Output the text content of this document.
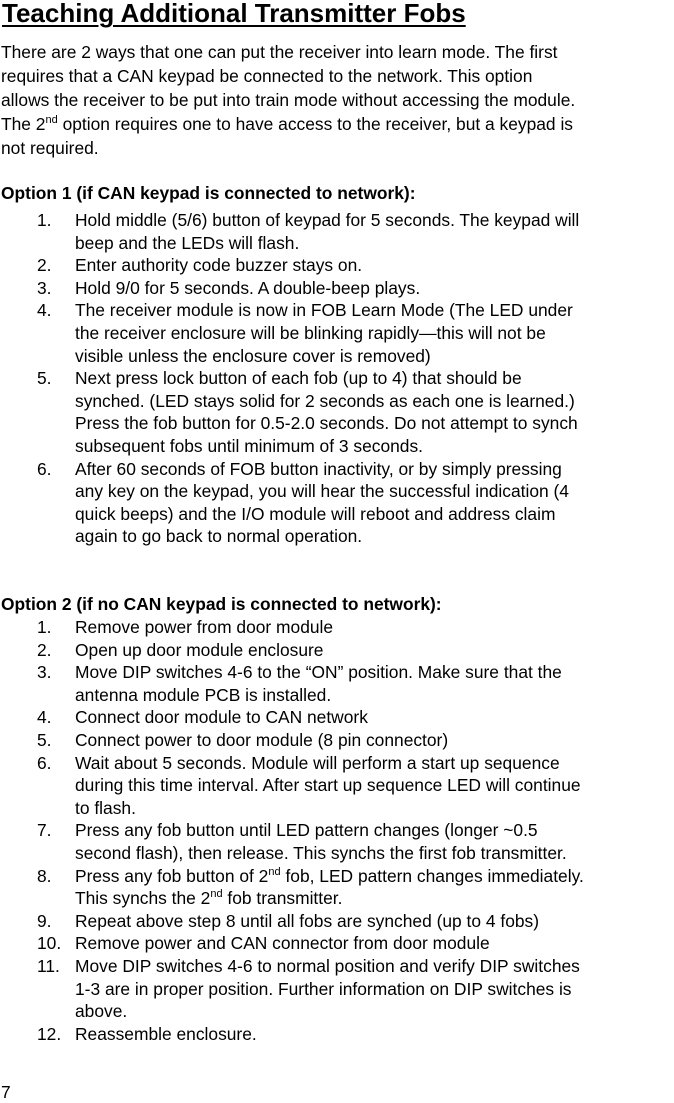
Teaching Additional Transmitter Fobs
There are 2 ways that one can put the receiver into learn mode. The first
requires that a CAN keypad be connected to the network. This option
allows the receiver to be put into train mode without accessing the module.
The 2nd option requires one to have access to the receiver, but a keypad is
not required.
Option 1 (if CAN keypad is connected to network):
1. Hold middle (5/6) button of keypad for 5 seconds. The keypad will
beep and the LEDs will flash.
2. Enter authority code buzzer stays on.
3. Hold 9/0 for 5 seconds. A double-beep plays.
4. The receiver module is now in FOB Learn Mode (The LED under
the receiver enclosure will be blinking rapidly—this will not be
visible unless the enclosure cover is removed)
5. Next press lock button of each fob (up to 4) that should be
synched. (LED stays solid for 2 seconds as each one is learned.)
Press the fob button for 0.5-2.0 seconds. Do not attempt to synch
subsequent fobs until minimum of 3 seconds.
6. After 60 seconds of FOB button inactivity, or by simply pressing
any key on the keypad, you will hear the successful indication (4
quick beeps) and the I/O module will reboot and address claim
again to go back to normal operation.
Option 2 (if no CAN keypad is connected to network):
1. Remove power from door module
2. Open up door module enclosure
3. Move DIP switches 4-6 to the “ON” position. Make sure that the
antenna module PCB is installed.
4. Connect door module to CAN network
5. Connect power to door module (8 pin connector)
6. Wait about 5 seconds. Module will perform a start up sequence
during this time interval. After start up sequence LED will continue
to flash.
7. Press any fob button until LED pattern changes (longer ~0.5
second flash), then release. This synchs the first fob transmitter.
8. Press any fob button of 2nd fob, LED pattern changes immediately.
This synchs the 2nd fob transmitter.
9. Repeat above step 8 until all fobs are synched (up to 4 fobs)
10. Remove power and CAN connector from door module
11. Move DIP switches 4-6 to normal position and verify DIP switches
1-3 are in proper position. Further information on DIP switches is
above.
12. Reassemble enclosure.
7
